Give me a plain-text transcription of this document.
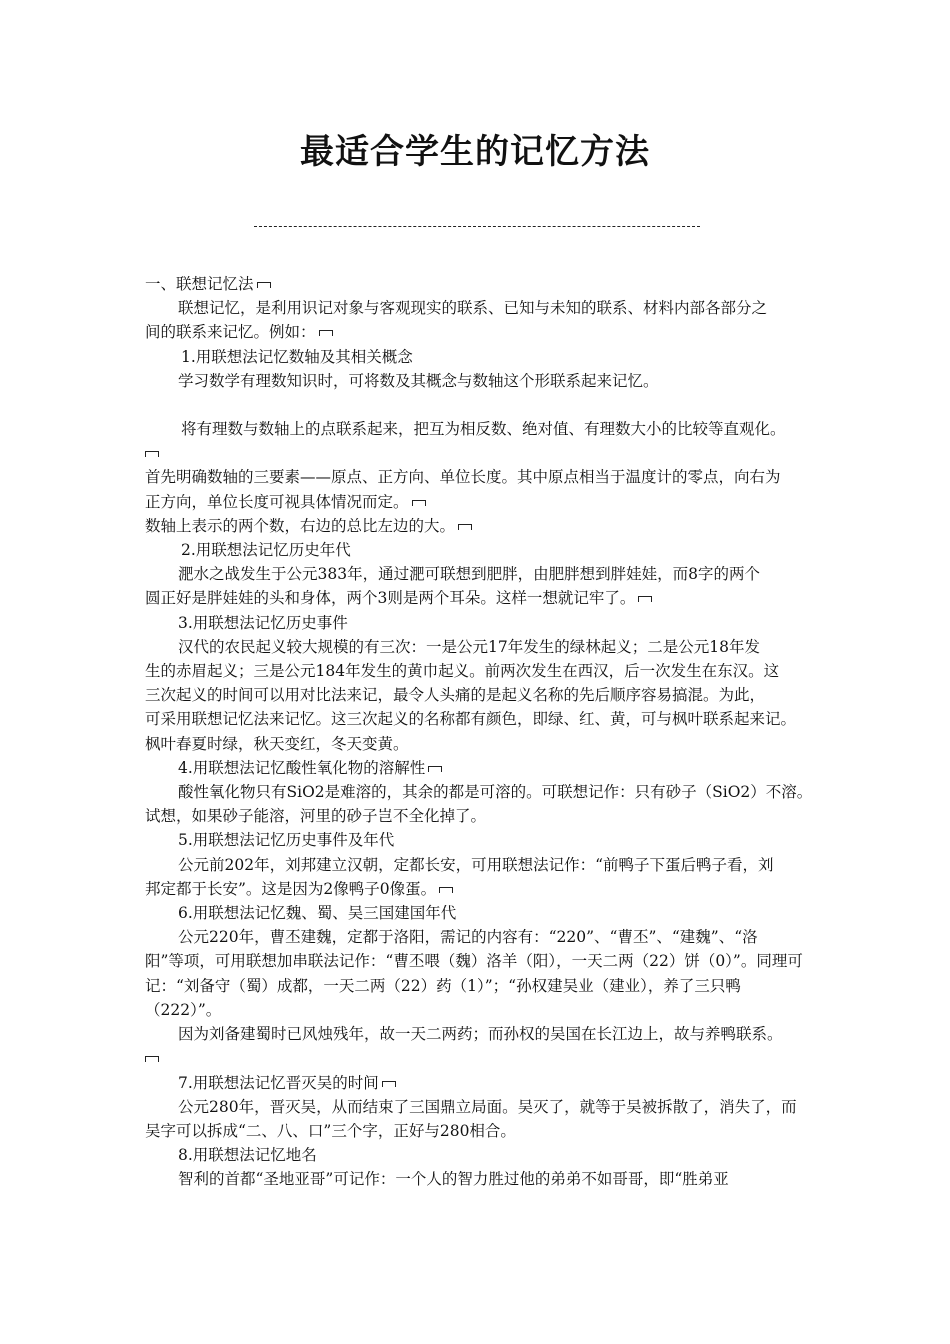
最适合学生的记忆方法

一、联想记忆法

联想记忆，是利用识记对象与客观现实的联系、已知与未知的联系、材料内部各部分之

间的联系来记忆。例如：

1.用联想法记忆数轴及其相关概念

学习数学有理数知识时，可将数及其概念与数轴这个形联系起来记忆。

将有理数与数轴上的点联系起来，把互为相反数、绝对值、有理数大小的比较等直观化。

首先明确数轴的三要素——原点、正方向、单位长度。其中原点相当于温度计的零点，向右为

正方向，单位长度可视具体情况而定。

数轴上表示的两个数，右边的总比左边的大。

2.用联想法记忆历史年代

淝水之战发生于公元383年，通过淝可联想到肥胖，由肥胖想到胖娃娃，而8字的两个

圆正好是胖娃娃的头和身体，两个3则是两个耳朵。这样一想就记牢了。

3.用联想法记忆历史事件

汉代的农民起义较大规模的有三次：一是公元17年发生的绿林起义；二是公元18年发

生的赤眉起义；三是公元184年发生的黄巾起义。前两次发生在西汉，后一次发生在东汉。这

三次起义的时间可以用对比法来记，最令人头痛的是起义名称的先后顺序容易搞混。为此，

可采用联想记忆法来记忆。这三次起义的名称都有颜色，即绿、红、黄，可与枫叶联系起来记。

枫叶春夏时绿，秋天变红，冬天变黄。

4.用联想法记忆酸性氧化物的溶解性

酸性氧化物只有SiO2是难溶的，其余的都是可溶的。可联想记作：只有砂子（SiO2）不溶。

试想，如果砂子能溶，河里的砂子岂不全化掉了。

5.用联想法记忆历史事件及年代

公元前202年，刘邦建立汉朝，定都长安，可用联想法记作：“前鸭子下蛋后鸭子看，刘

邦定都于长安”。这是因为2像鸭子0像蛋。

6.用联想法记忆魏、蜀、吴三国建国年代

公元220年，曹丕建魏，定都于洛阳，需记的内容有：“220”、“曹丕”、“建魏”、“洛

阳”等项，可用联想加串联法记作：“曹丕喂（魏）洛羊（阳），一天二两（22）饼（0）”。同理可

记：“刘备守（蜀）成都，一天二两（22）药（1）”；“孙权建吴业（建业），养了三只鸭

（222）”。

因为刘备建蜀时已风烛残年，故一天二两药；而孙权的吴国在长江边上，故与养鸭联系。

7.用联想法记忆晋灭吴的时间

公元280年，晋灭吴，从而结束了三国鼎立局面。吴灭了，就等于吴被拆散了，消失了，而

吴字可以拆成“二、八、口”三个字，正好与280相合。

8.用联想法记忆地名

智利的首都“圣地亚哥”可记作：一个人的智力胜过他的弟弟不如哥哥，即“胜弟亚
